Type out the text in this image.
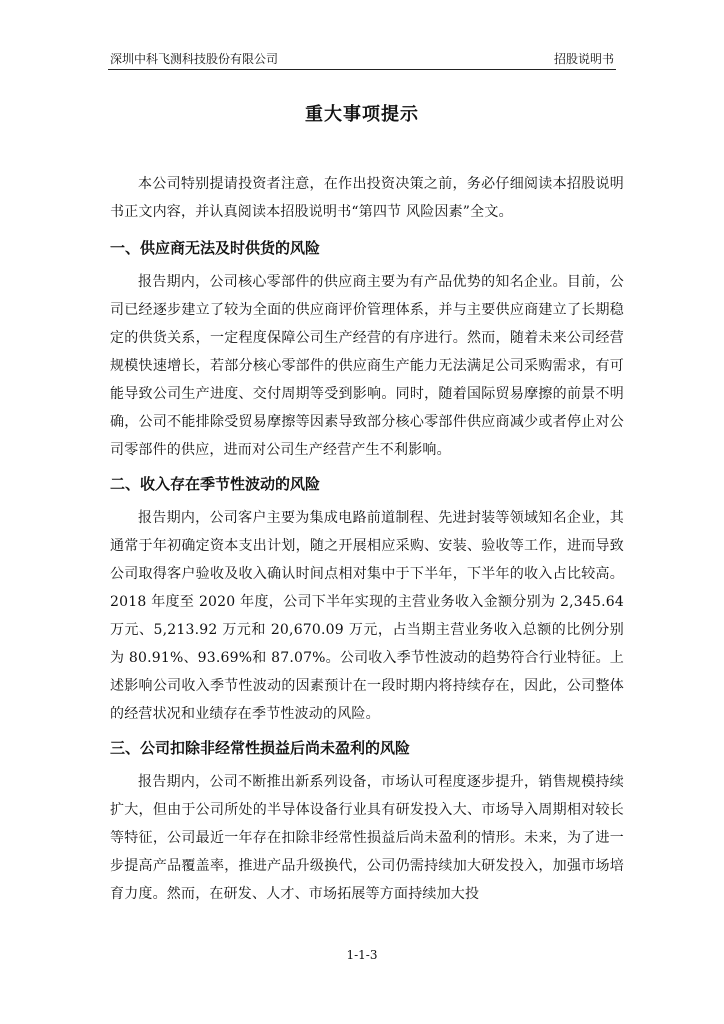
深圳中科飞测科技股份有限公司	招股说明书
重大事项提示

本公司特别提请投资者注意，在作出投资决策之前，务必仔细阅读本招股说明书正文内容，并认真阅读本招股说明书“第四节 风险因素”全文。

一、供应商无法及时供货的风险

报告期内，公司核心零部件的供应商主要为有产品优势的知名企业。目前，公司已经逐步建立了较为全面的供应商评价管理体系，并与主要供应商建立了长期稳定的供货关系，一定程度保障公司生产经营的有序进行。然而，随着未来公司经营规模快速增长，若部分核心零部件的供应商生产能力无法满足公司采购需求，有可能导致公司生产进度、交付周期等受到影响。同时，随着国际贸易摩擦的前景不明确，公司不能排除受贸易摩擦等因素导致部分核心零部件供应商减少或者停止对公司零部件的供应，进而对公司生产经营产生不利影响。

二、收入存在季节性波动的风险

报告期内，公司客户主要为集成电路前道制程、先进封装等领域知名企业，其通常于年初确定资本支出计划，随之开展相应采购、安装、验收等工作，进而导致公司取得客户验收及收入确认时间点相对集中于下半年，下半年的收入占比较高。2018 年度至 2020 年度，公司下半年实现的主营业务收入金额分别为 2,345.64 万元、5,213.92 万元和 20,670.09 万元，占当期主营业务收入总额的比例分别为 80.91%、93.69%和 87.07%。公司收入季节性波动的趋势符合行业特征。上述影响公司收入季节性波动的因素预计在一段时期内将持续存在，因此，公司整体的经营状况和业绩存在季节性波动的风险。

三、公司扣除非经常性损益后尚未盈利的风险

报告期内，公司不断推出新系列设备，市场认可程度逐步提升，销售规模持续扩大，但由于公司所处的半导体设备行业具有研发投入大、市场导入周期相对较长等特征，公司最近一年存在扣除非经常性损益后尚未盈利的情形。未来，为了进一步提高产品覆盖率，推进产品升级换代，公司仍需持续加大研发投入，加强市场培育力度。然而，在研发、人才、市场拓展等方面持续加大投

1-1-3
